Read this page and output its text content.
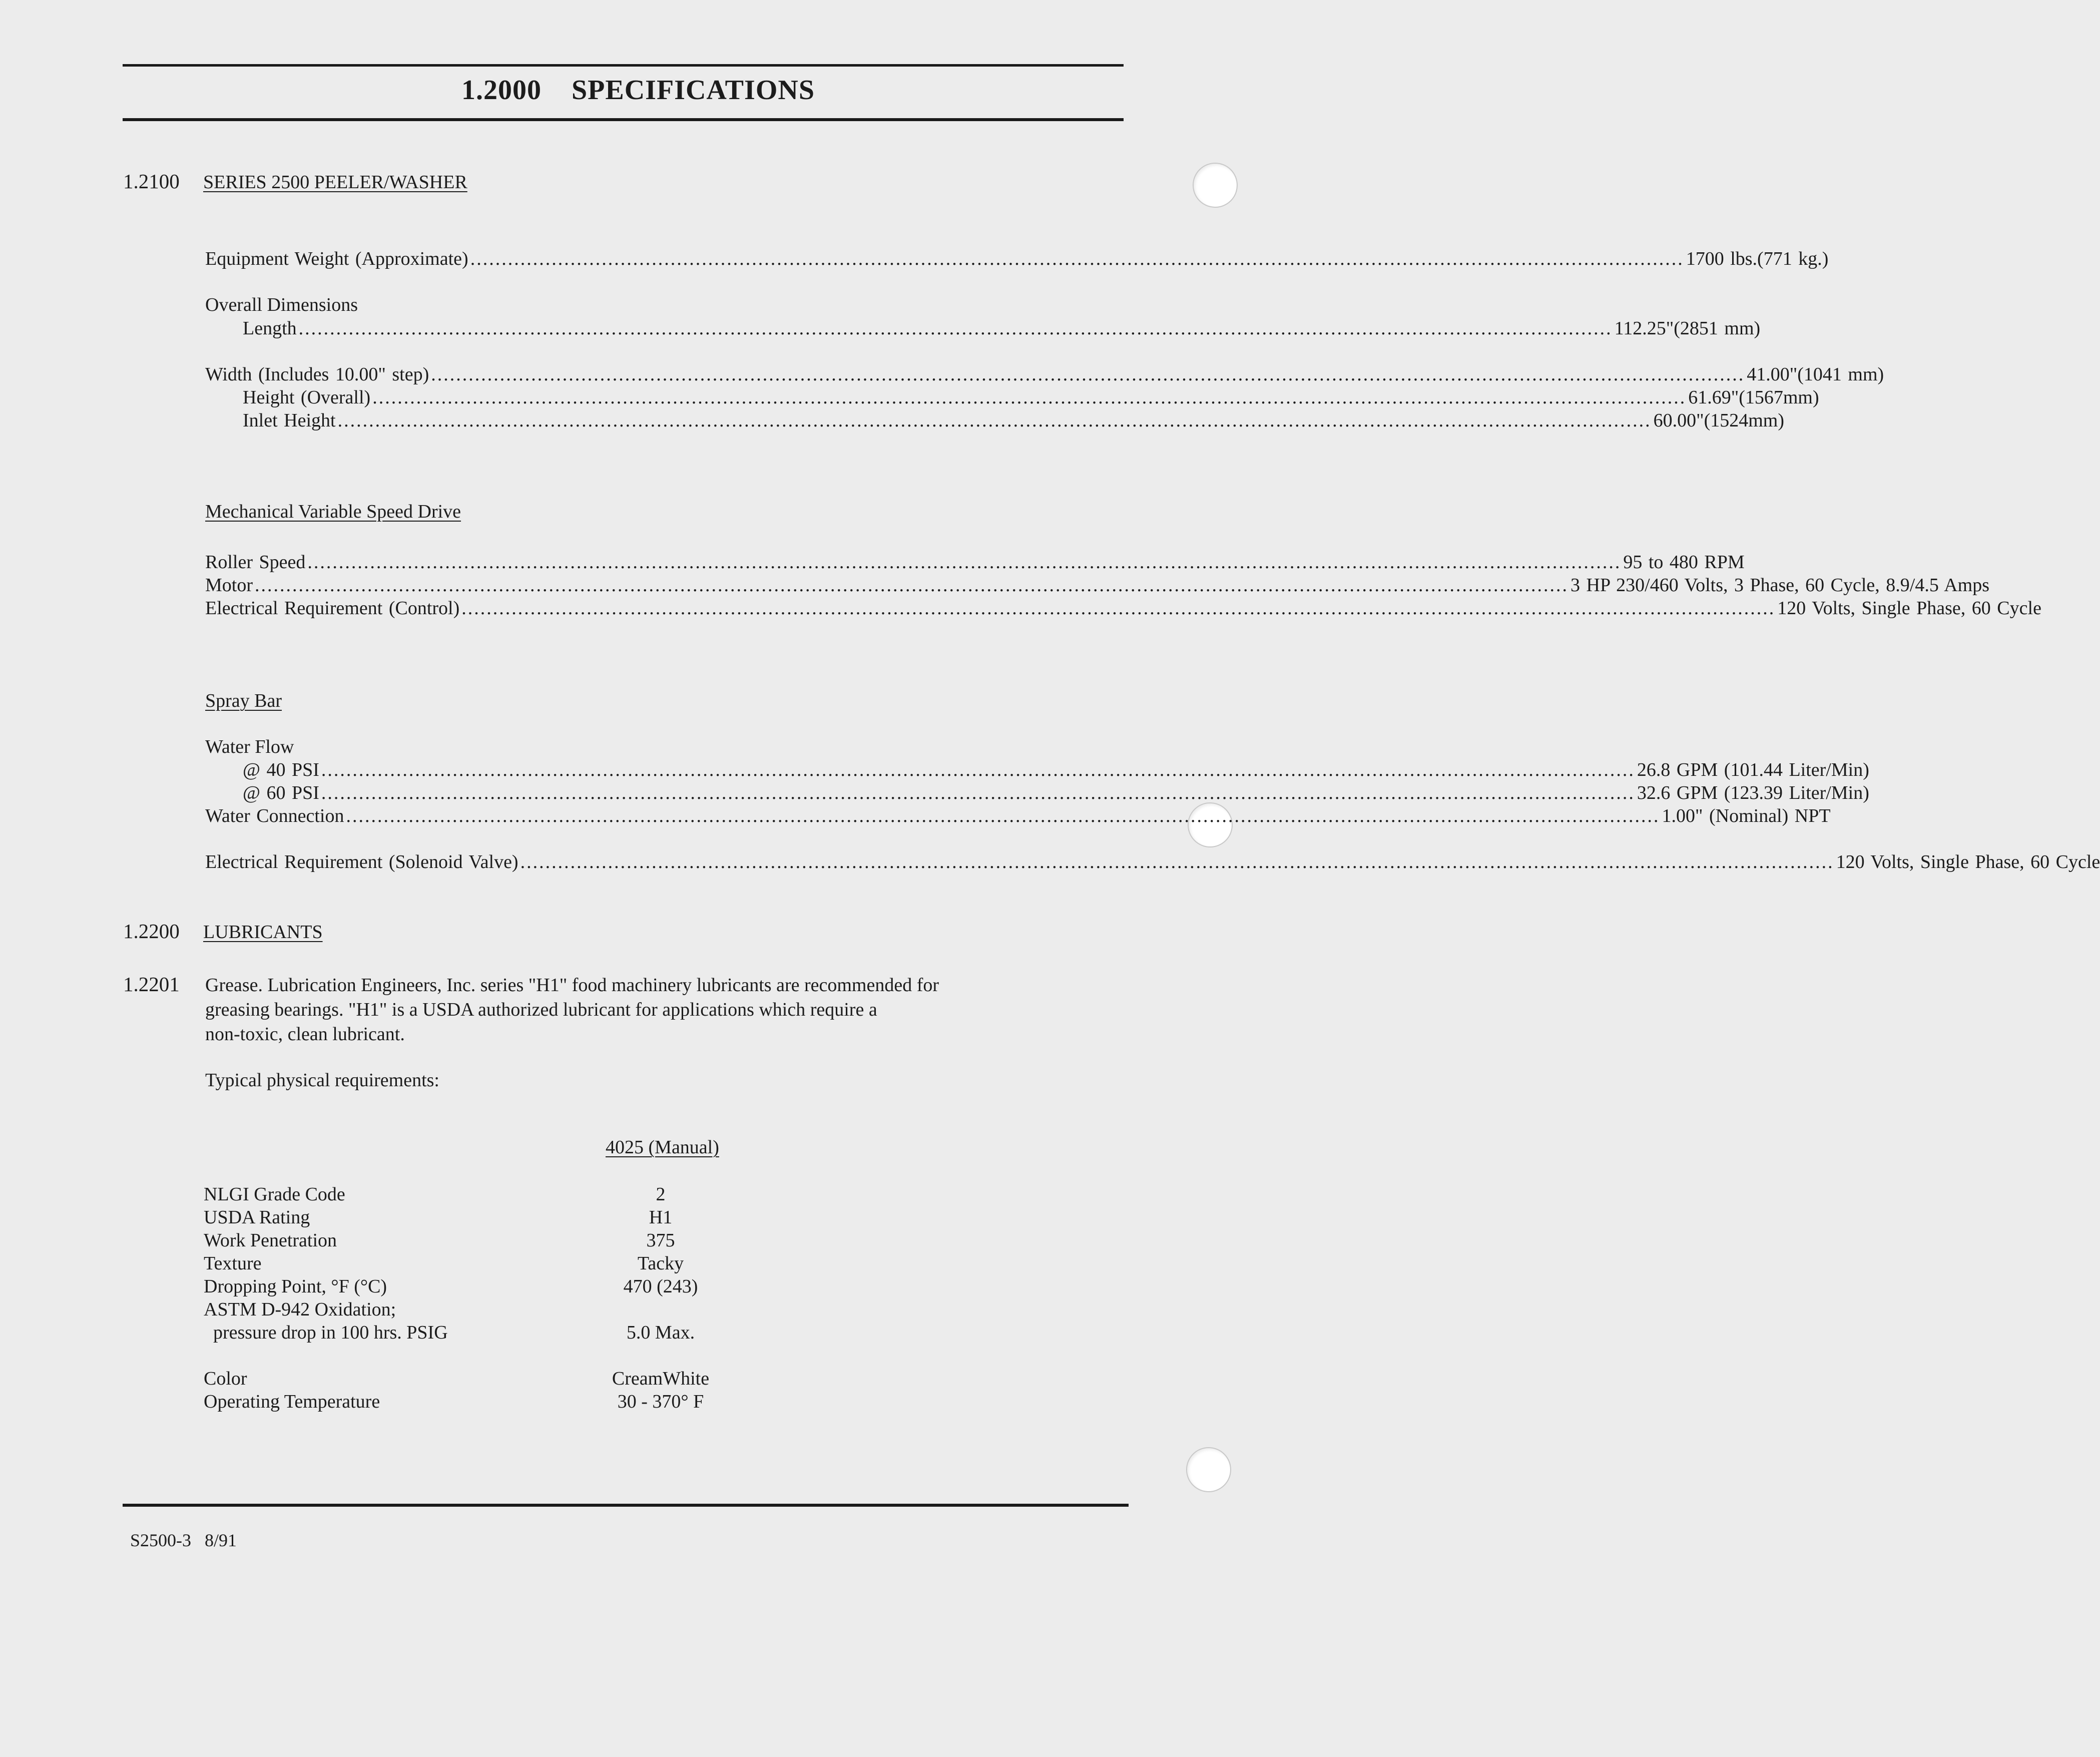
1.2000    SPECIFICATIONS
1.2100 SERIES 2500 PEELER/WASHER
Equipment Weight (Approximate) .................................................................................................................................................................................................. 1700 lbs.(771 kg.)
Overall Dimensions
Length .................................................................................................................................................................................................................. 112.25"(2851 mm)
Width (Includes 10.00" step) .................................................................................................................................................................................................................. 41.00"(1041 mm)
Height (Overall) .................................................................................................................................................................................................................. 61.69"(1567mm)
Inlet Height .................................................................................................................................................................................................................. 60.00"(1524mm)
Mechanical Variable Speed Drive
Roller Speed .................................................................................................................................................................................................................. 95 to 480 RPM
Motor .................................................................................................................................................................................................................. 3 HP 230/460 Volts, 3 Phase, 60 Cycle, 8.9/4.5 Amps
Electrical Requirement (Control) .................................................................................................................................................................................................................. 120 Volts, Single Phase, 60 Cycle
Spray Bar
Water Flow
@ 40 PSI .................................................................................................................................................................................................................. 26.8 GPM (101.44 Liter/Min)
@ 60 PSI .................................................................................................................................................................................................................. 32.6 GPM (123.39 Liter/Min)
Water Connection .................................................................................................................................................................................................................. 1.00" (Nominal) NPT
Electrical Requirement (Solenoid Valve) .................................................................................................................................................................................................................. 120 Volts, Single Phase, 60 Cycle
1.2200 LUBRICANTS
1.2201 Grease. Lubrication Engineers, Inc. series "H1" food machinery lubricants are recommended for
greasing bearings. "H1" is a USDA authorized lubricant for applications which require a
non-toxic, clean lubricant.
Typical physical requirements:
4025 (Manual)
NLGI Grade Code	2
USDA Rating	H1
Work Penetration	375
Texture	Tacky
Dropping Point, °F (°C)	470 (243)
ASTM D-942 Oxidation;
pressure drop in 100 hrs. PSIG	5.0 Max.
Color	CreamWhite
Operating Temperature	30 - 370° F
S2500-3   8/91
